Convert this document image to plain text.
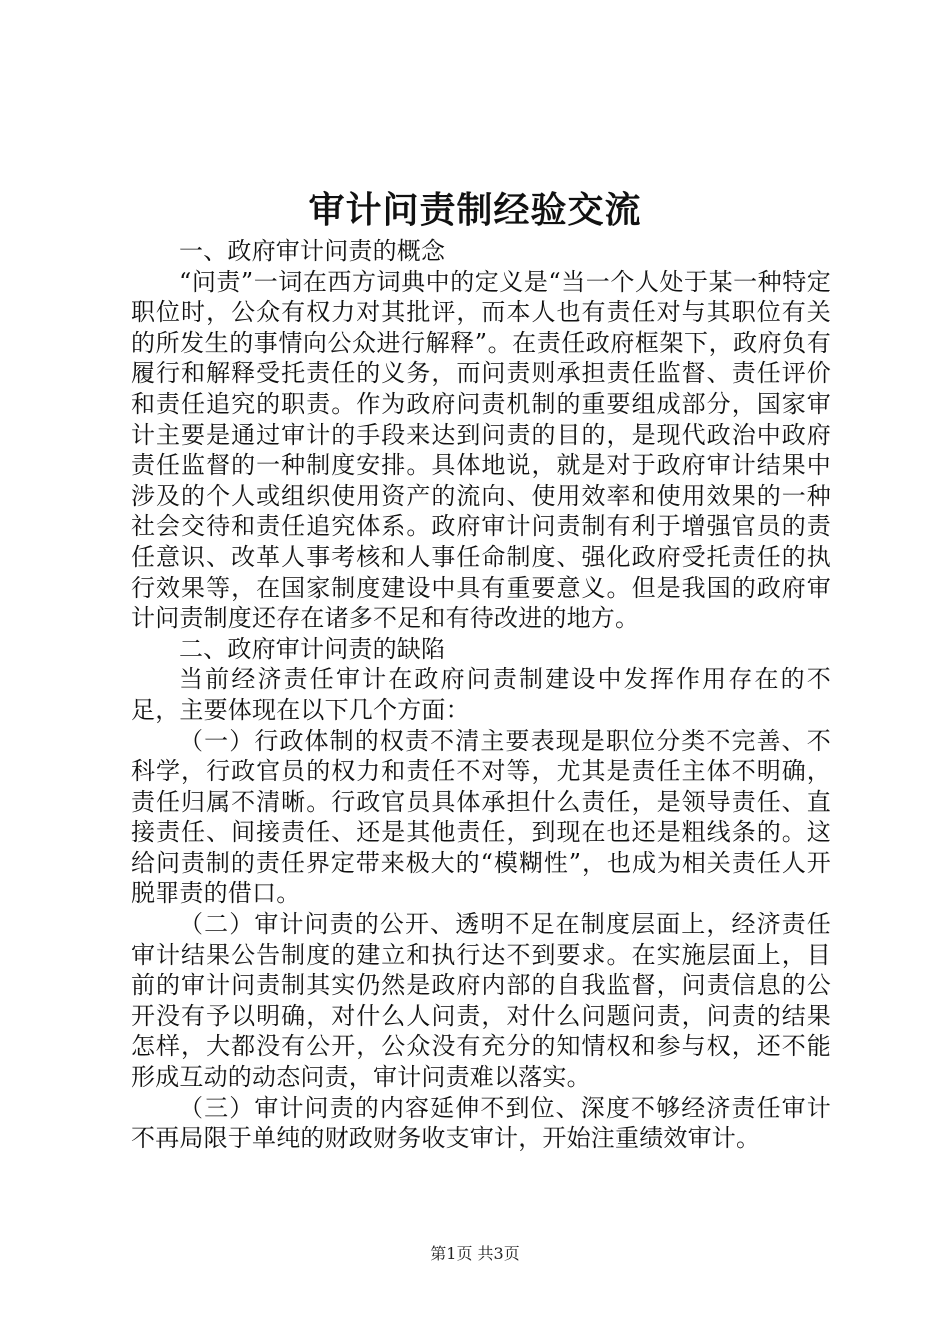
审计问责制经验交流

一、政府审计问责的概念

“问责”一词在西方词典中的定义是“当一个人处于某一种特定职位时，公众有权力对其批评，而本人也有责任对与其职位有关的所发生的事情向公众进行解释”。在责任政府框架下，政府负有履行和解释受托责任的义务，而问责则承担责任监督、责任评价和责任追究的职责。作为政府问责机制的重要组成部分，国家审计主要是通过审计的手段来达到问责的目的，是现代政治中政府责任监督的一种制度安排。具体地说，就是对于政府审计结果中涉及的个人或组织使用资产的流向、使用效率和使用效果的一种社会交待和责任追究体系。政府审计问责制有利于增强官员的责任意识、改革人事考核和人事任命制度、强化政府受托责任的执行效果等，在国家制度建设中具有重要意义。但是我国的政府审计问责制度还存在诸多不足和有待改进的地方。

二、政府审计问责的缺陷

当前经济责任审计在政府问责制建设中发挥作用存在的不足，主要体现在以下几个方面：

（一）行政体制的权责不清主要表现是职位分类不完善、不科学，行政官员的权力和责任不对等，尤其是责任主体不明确，责任归属不清晰。行政官员具体承担什么责任，是领导责任、直接责任、间接责任、还是其他责任，到现在也还是粗线条的。这给问责制的责任界定带来极大的“模糊性”，也成为相关责任人开脱罪责的借口。

（二）审计问责的公开、透明不足在制度层面上，经济责任审计结果公告制度的建立和执行达不到要求。在实施层面上，目前的审计问责制其实仍然是政府内部的自我监督，问责信息的公开没有予以明确，对什么人问责，对什么问题问责，问责的结果怎样，大都没有公开，公众没有充分的知情权和参与权，还不能形成互动的动态问责，审计问责难以落实。

（三）审计问责的内容延伸不到位、深度不够经济责任审计不再局限于单纯的财政财务收支审计，开始注重绩效审计。

第1页 共3页
